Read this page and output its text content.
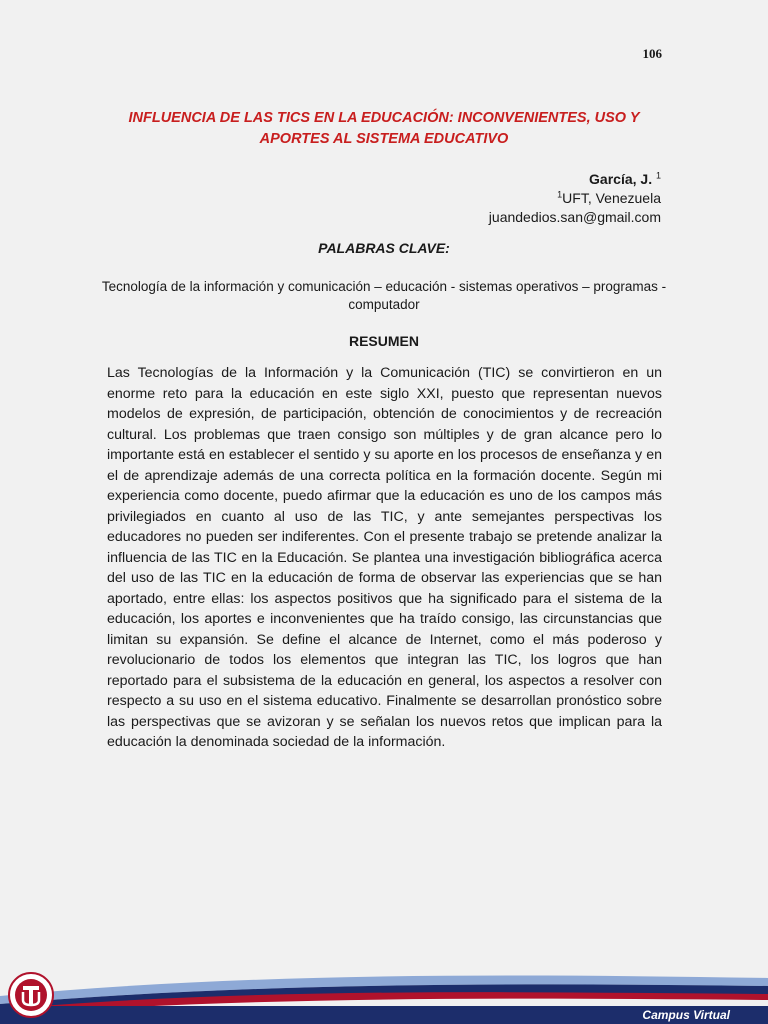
106
INFLUENCIA DE LAS TICS EN LA EDUCACIÓN: INCONVENIENTES, USO Y APORTES AL SISTEMA EDUCATIVO
García, J. $^1$
$^1$UFT, Venezuela
juandedios.san@gmail.com
PALABRAS CLAVE:
Tecnología de la información y comunicación – educación - sistemas operativos – programas - computador
RESUMEN
Las Tecnologías de la Información y la Comunicación (TIC) se convirtieron en un enorme reto para la educación en este siglo XXI, puesto que representan nuevos modelos de expresión, de participación, obtención de conocimientos y de recreación cultural. Los problemas que traen consigo son múltiples y de gran alcance pero lo importante está en establecer el sentido y su aporte en los procesos de enseñanza y en el de aprendizaje además de una correcta política en la formación docente. Según mi experiencia como docente, puedo afirmar que la educación es uno de los campos más privilegiados en cuanto al uso de las TIC, y ante semejantes perspectivas los educadores no pueden ser indiferentes. Con el presente trabajo se pretende analizar la influencia de las TIC en la Educación. Se plantea una investigación bibliográfica acerca del uso de las TIC en la educación de forma de observar las experiencias que se han aportado, entre ellas: los aspectos positivos que ha significado para el sistema de la educación, los aportes e inconvenientes que ha traído consigo, las circunstancias que limitan su expansión. Se define el alcance de Internet, como el más poderoso y revolucionario de todos los elementos que integran las TIC, los logros que han reportado para el subsistema de la educación en general, los aspectos a resolver con respecto a su uso en el sistema educativo. Finalmente se desarrollan pronóstico sobre las perspectivas que se avizoran y se señalan los nuevos retos que implican para la educación la denominada sociedad de la información.
Campus Virtual
